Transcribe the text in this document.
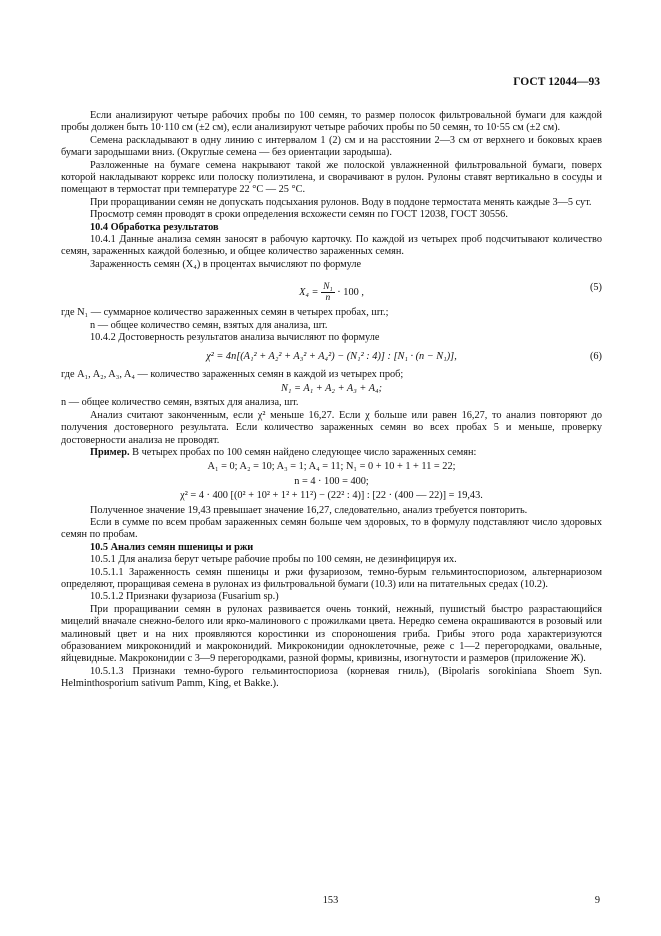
ГОСТ 12044—93

Если анализируют четыре рабочих пробы по 100 семян, то размер полосок фильтровальной бумаги для каждой пробы должен быть 10·110 см (±2 см), если анализируют четыре рабочих пробы по 50 семян, то 10·55 см (±2 см).

Семена раскладывают в одну линию с интервалом 1 (2) см и на расстоянии 2—3 см от верхнего и боковых краев бумаги зародышами вниз. (Округлые семена — без ориентации зародыша).

Разложенные на бумаге семена накрывают такой же полоской увлажненной фильтровальной бумаги, поверх которой накладывают коррекс или полоску полиэтилена, и сворачивают в рулон. Рулоны ставят вертикально в сосуды и помещают в термостат при температуре 22 °C — 25 °C.

При проращивании семян не допускать подсыхания рулонов. Воду в поддоне термостата менять каждые 3—5 сут.

Просмотр семян проводят в сроки определения всхожести семян по ГОСТ 12038, ГОСТ 30556.

10.4 Обработка результатов

10.4.1 Данные анализа семян заносят в рабочую карточку. По каждой из четырех проб подсчитывают количество семян, зараженных каждой болезнью, и общее количество зараженных семян.

Зараженность семян (X₄) в процентах вычисляют по формуле

$X_4 = \frac{\text{N₁}}{n} \cdot 100$ ,	(5)

где N₁ — суммарное количество зараженных семян в четырех пробах, шт.;

n — общее количество семян, взятых для анализа, шт.

10.4.2 Достоверность результатов анализа вычисляют по формуле

χ² = 4n[(A₁² + A₂² + A₃² + A₄²) − (N₁² : 4)] : [N₁ · (n − N₁)],	(6)

где A₁, A₂, A₃, A₄ — количество зараженных семян в каждой из четырех проб;

N₁ = A₁ + A₂ + A₃ + A₄;

n — общее количество семян, взятых для анализа, шт.

Анализ считают законченным, если χ² меньше 16,27. Если χ больше или равен 16,27, то анализ повторяют до получения достоверного результата. Если количество зараженных семян во всех пробах 5 и меньше, проверку достоверности анализа не проводят.

Пример. В четырех пробах по 100 семян найдено следующее число зараженных семян:

A₁ = 0; A₂ = 10; A₃ = 1; A₄ = 11; N₁ = 0 + 10 + 1 + 11 = 22;
n = 4 · 100 = 400;
χ² = 4 · 400 [(0² + 10² + 1² + 11²) − (22² : 4)] : [22 · (400 — 22)] = 19,43.

Полученное значение 19,43 превышает значение 16,27, следовательно, анализ требуется повторить.

Если в сумме по всем пробам зараженных семян больше чем здоровых, то в формулу подставляют число здоровых семян по пробам.

10.5 Анализ семян пшеницы и ржи

10.5.1 Для анализа берут четыре рабочие пробы по 100 семян, не дезинфицируя их.

10.5.1.1 Зараженность семян пшеницы и ржи фузариозом, темно-бурым гельминтоспориозом, альтернариозом определяют, проращивая семена в рулонах из фильтровальной бумаги (10.3) или на питательных средах (10.2).

10.5.1.2 Признаки фузариоза (Fusarium sp.)

При проращивании семян в рулонах развивается очень тонкий, нежный, пушистый быстро разрастающийся мицелий вначале снежно-белого или ярко-малинового с прожилками цвета. Нередко семена окрашиваются в розовый или малиновый цвет и на них проявляются коростинки из спороношения гриба. Грибы этого рода характеризуются образованием микроконидий и макроконидий. Микроконидии одноклеточные, реже с 1—2 перегородками, овальные, яйцевидные. Макроконидии с 3—9 перегородками, разной формы, кривизны, изогнутости и размеров (приложение Ж).

10.5.1.3 Признаки темно-бурого гельминтоспориоза (корневая гниль), (Bipolaris sorokiniana Shoem Syn. Helminthosporium sativum Pamm, King, et Bakke.).

153	9
